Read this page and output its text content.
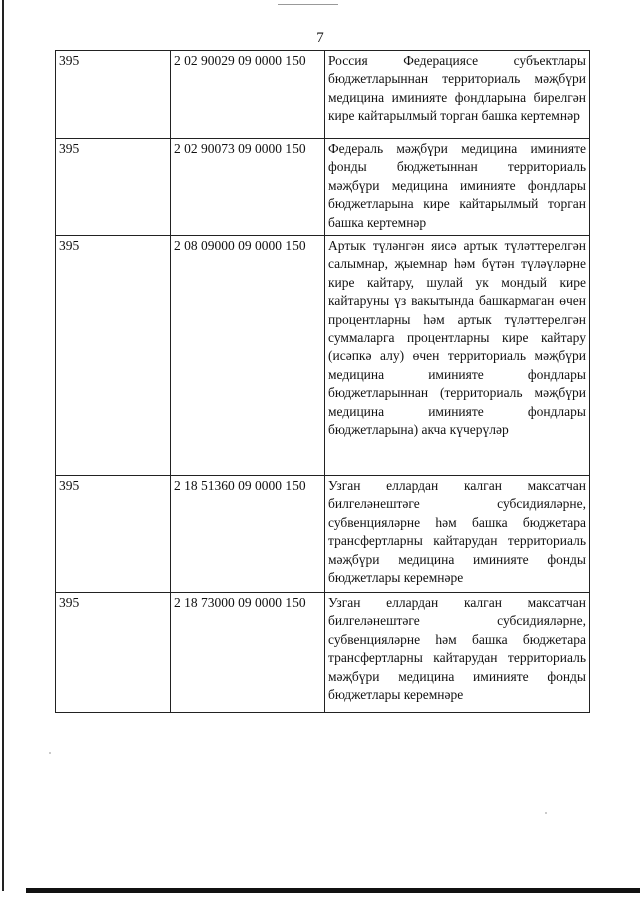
7
395	2 02 90029 09 0000 150	Россия Федерациясе субъектлары бюджетларыннан территориаль мәҗбүри медицина иминияте фондларына бирелгән кире кайтарылмый торган башка кертемнәр
395	2 02 90073 09 0000 150	Федераль мәҗбүри медицина иминияте фонды бюджетыннан территориаль мәҗбүри медицина иминияте фондлары бюджетларына кире кайтарылмый торган башка кертемнәр
395	2 08 09000 09 0000 150	Артык түләнгән яисә артык түләттерелгән салымнар, җыемнар һәм бүтән түләүләрне кире кайтару, шулай ук мондый кире кайтаруны үз вакытында башкармаган өчен процентларны һәм артык түләттерелгән суммаларга процентларны кире кайтару (исәпкә алу) өчен территориаль мәҗбүри медицина иминияте фондлары бюджетларыннан (территориаль мәҗбүри медицина иминияте фондлары бюджетларына) акча күчерүләр
395	2 18 51360 09 0000 150	Узган еллардан калган максатчан билгеләнештәге субсидияләрне, субвенцияләрне һәм башка бюджетара трансфертларны кайтарудан территориаль мәҗбүри медицина иминияте фонды бюджетлары керемнәре
395	2 18 73000 09 0000 150	Узган еллардан калган максатчан билгеләнештәге субсидияләрне, субвенцияләрне һәм башка бюджетара трансфертларны кайтарудан территориаль мәҗбүри медицина иминияте фонды бюджетлары керемнәре
